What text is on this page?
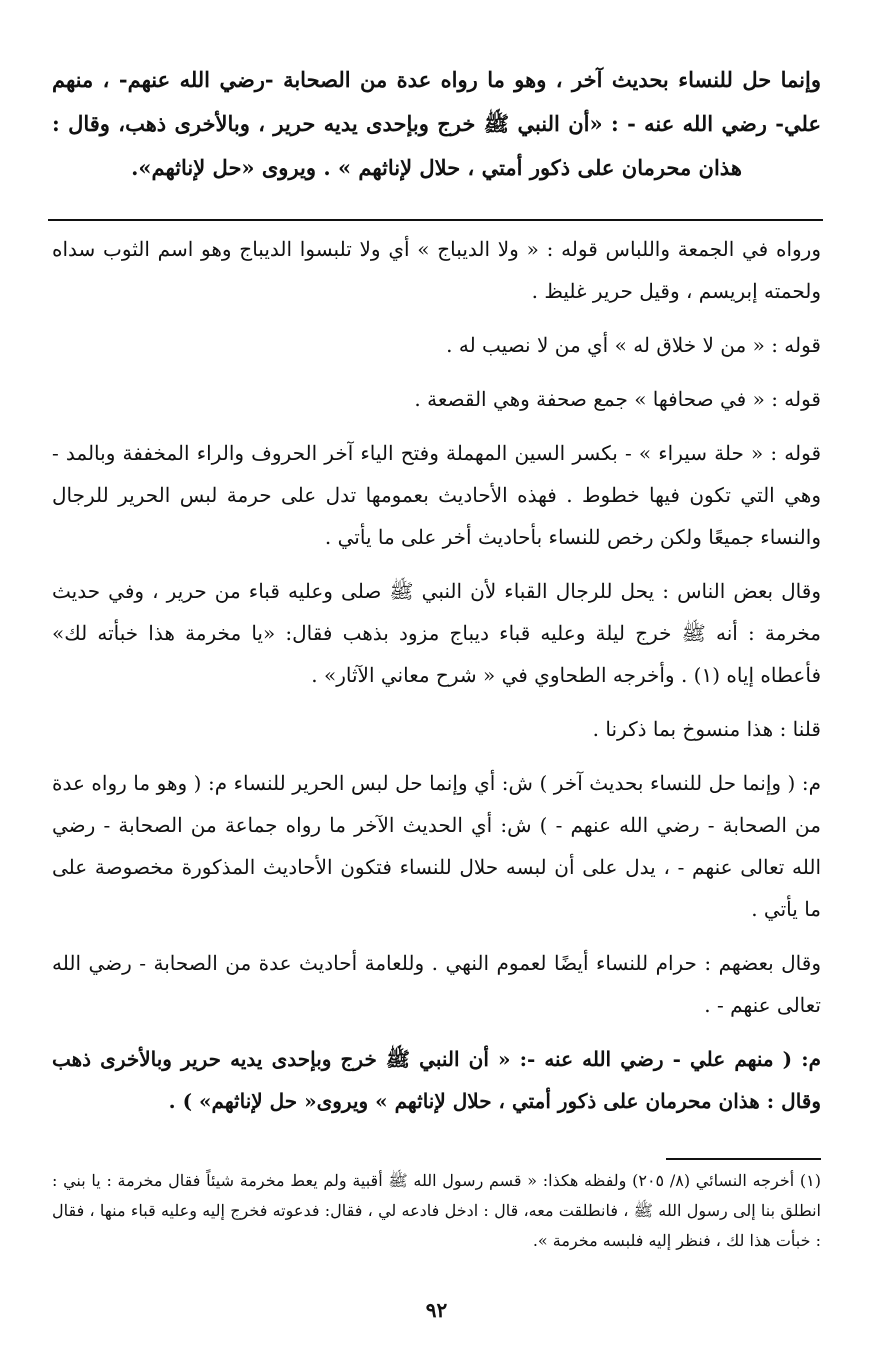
وإنما حل للنساء بحديث آخر ، وهو ما رواه عدة من الصحابة -رضي الله عنهم- ، منهم علي- رضي الله عنه - : «أن النبي ﷺ خرج وبإحدى يديه حرير ، وبالأخرى ذهب، وقال : هذان محرمان على ذكور أمتي ، حلال لإناثهم » . ويروى «حل لإناثهم».

ورواه في الجمعة واللباس قوله : « ولا الديباج » أي ولا تلبسوا الديباج وهو اسم الثوب سداه ولحمته إبريسم ، وقيل حرير غليظ .

قوله : « من لا خلاق له » أي من لا نصيب له .

قوله : « في صحافها » جمع صحفة وهي القصعة .

قوله : « حلة سيراء » - بكسر السين المهملة وفتح الياء آخر الحروف والراء المخففة وبالمد - وهي التي تكون فيها خطوط . فهذه الأحاديث بعمومها تدل على حرمة لبس الحرير للرجال والنساء جميعًا ولكن رخص للنساء بأحاديث أخر على ما يأتي .

وقال بعض الناس : يحل للرجال القباء لأن النبي ﷺ صلى وعليه قباء من حرير ، وفي حديث مخرمة : أنه ﷺ خرج ليلة وعليه قباء ديباج مزود بذهب فقال: «يا مخرمة هذا خبأته لك» فأعطاه إياه (١) . وأخرجه الطحاوي في « شرح معاني الآثار» .

قلنا : هذا منسوخ بما ذكرنا .

م: ( وإنما حل للنساء بحديث آخر ) ش: أي وإنما حل لبس الحرير للنساء م: ( وهو ما رواه عدة من الصحابة - رضي الله عنهم - ) ش: أي الحديث الآخر ما رواه جماعة من الصحابة - رضي الله تعالى عنهم - ، يدل على أن لبسه حلال للنساء فتكون الأحاديث المذكورة مخصوصة على ما يأتي .

وقال بعضهم : حرام للنساء أيضًا لعموم النهي . وللعامة أحاديث عدة من الصحابة - رضي الله تعالى عنهم - .

م: ( منهم علي - رضي الله عنه -: « أن النبي ﷺ خرج وبإحدى يديه حرير وبالأخرى ذهب وقال : هذان محرمان على ذكور أمتي ، حلال لإناثهم » ويروى« حل لإناثهم» ) .

(١) أخرجه النسائي (٨/ ٢٠٥) ولفظه هكذا: « قسم رسول الله ﷺ أقبية ولم يعط مخرمة شيئاً فقال مخرمة : يا بني : انطلق بنا إلى رسول الله ﷺ ، فانطلقت معه، قال : ادخل فادعه لي ، فقال: فدعوته فخرج إليه وعليه قباء منها ، فقال : خبأت هذا لك ، فنظر إليه فلبسه مخرمة ».
٩٢
